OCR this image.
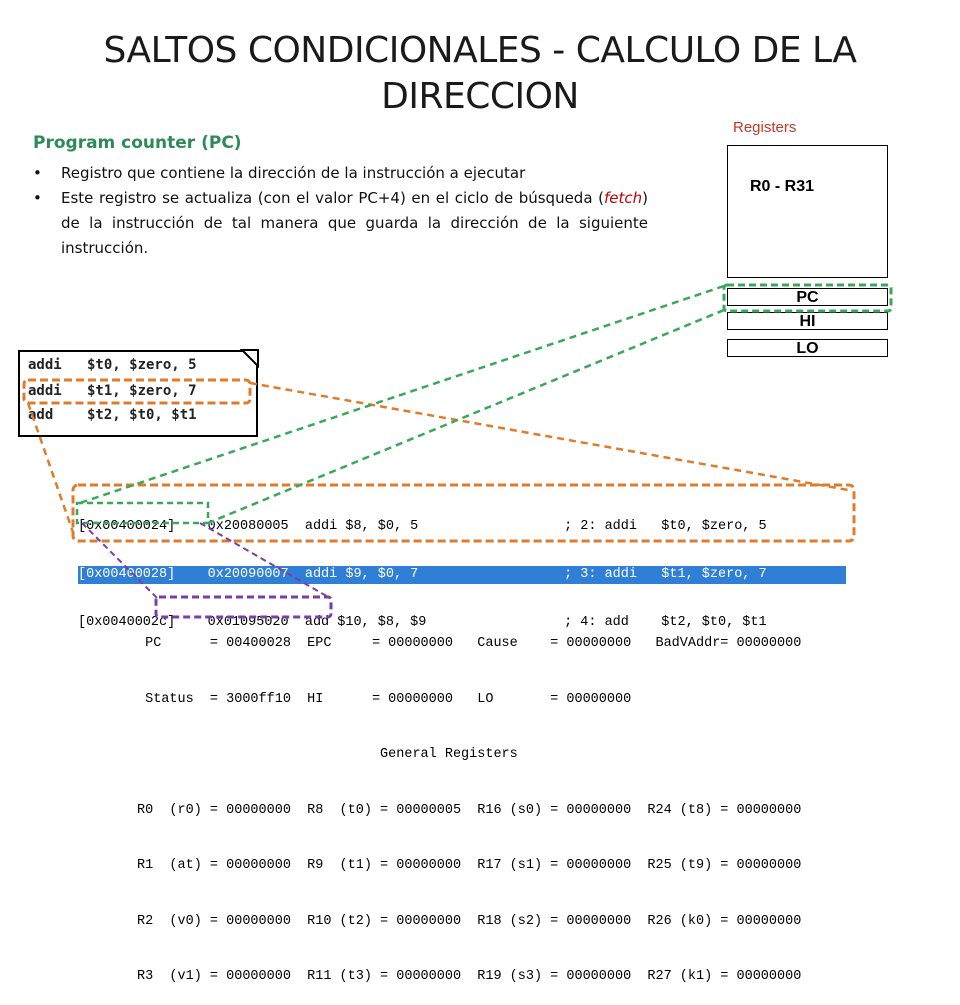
SALTOS CONDICIONALES - CALCULO DE LA DIRECCION
Program counter (PC)
•	Registro que contiene la dirección de la instrucción a ejecutar
•	Este registro se actualiza (con el valor PC+4) en el ciclo de búsqueda (fetch) de la instrucción de tal manera que guarda la dirección de la siguiente instrucción.
Registers
R0 - R31
PC
HI
LO
addi   $t0, $zero, 5
addi   $t1, $zero, 7
add    $t2, $t0, $t1

[0x00400024]    0x20080005  addi $8, $0, 5                  ; 2: addi   $t0, $zero, 5

[0x00400028]    0x20090007  addi $9, $0, 7                  ; 3: addi   $t1, $zero, 7

[0x0040002c]    0x01095020  add $10, $8, $9                 ; 4: add    $t2, $t0, $t1

PC      = 00400028  EPC     = 00000000   Cause    = 00000000   BadVAddr= 00000000

Status  = 3000ff10  HI      = 00000000   LO       = 00000000

General Registers

R0  (r0) = 00000000  R8  (t0) = 00000005  R16 (s0) = 00000000  R24 (t8) = 00000000

R1  (at) = 00000000  R9  (t1) = 00000000  R17 (s1) = 00000000  R25 (t9) = 00000000

R2  (v0) = 00000000  R10 (t2) = 00000000  R18 (s2) = 00000000  R26 (k0) = 00000000

R3  (v1) = 00000000  R11 (t3) = 00000000  R19 (s3) = 00000000  R27 (k1) = 00000000
